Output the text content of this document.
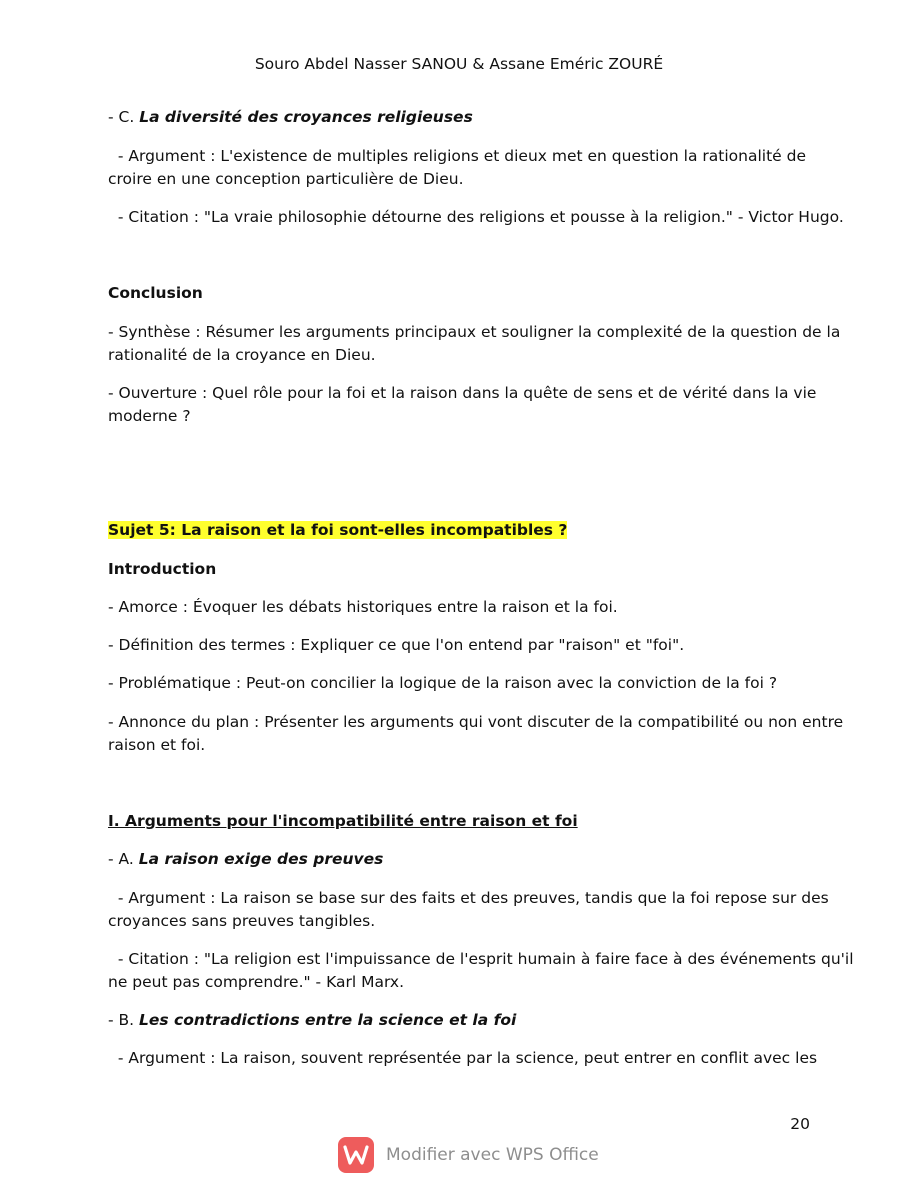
Souro Abdel Nasser SANOU & Assane Eméric ZOURÉ
- C. La diversité des croyances religieuses
- Argument : L'existence de multiples religions et dieux met en question la rationalité de
croire en une conception particulière de Dieu.
- Citation : "La vraie philosophie détourne des religions et pousse à la religion." - Victor Hugo.
Conclusion
- Synthèse : Résumer les arguments principaux et souligner la complexité de la question de la
rationalité de la croyance en Dieu.
- Ouverture : Quel rôle pour la foi et la raison dans la quête de sens et de vérité dans la vie
moderne ?
Sujet 5: La raison et la foi sont-elles incompatibles ?
Introduction
- Amorce : Évoquer les débats historiques entre la raison et la foi.
- Définition des termes : Expliquer ce que l'on entend par "raison" et "foi".
- Problématique : Peut-on concilier la logique de la raison avec la conviction de la foi ?
- Annonce du plan : Présenter les arguments qui vont discuter de la compatibilité ou non entre
raison et foi.
I. Arguments pour l'incompatibilité entre raison et foi
- A. La raison exige des preuves
- Argument : La raison se base sur des faits et des preuves, tandis que la foi repose sur des
croyances sans preuves tangibles.
- Citation : "La religion est l'impuissance de l'esprit humain à faire face à des événements qu'il
ne peut pas comprendre." - Karl Marx.
- B. Les contradictions entre la science et la foi
- Argument : La raison, souvent représentée par la science, peut entrer en conflit avec les
20
Modifier avec WPS Office
